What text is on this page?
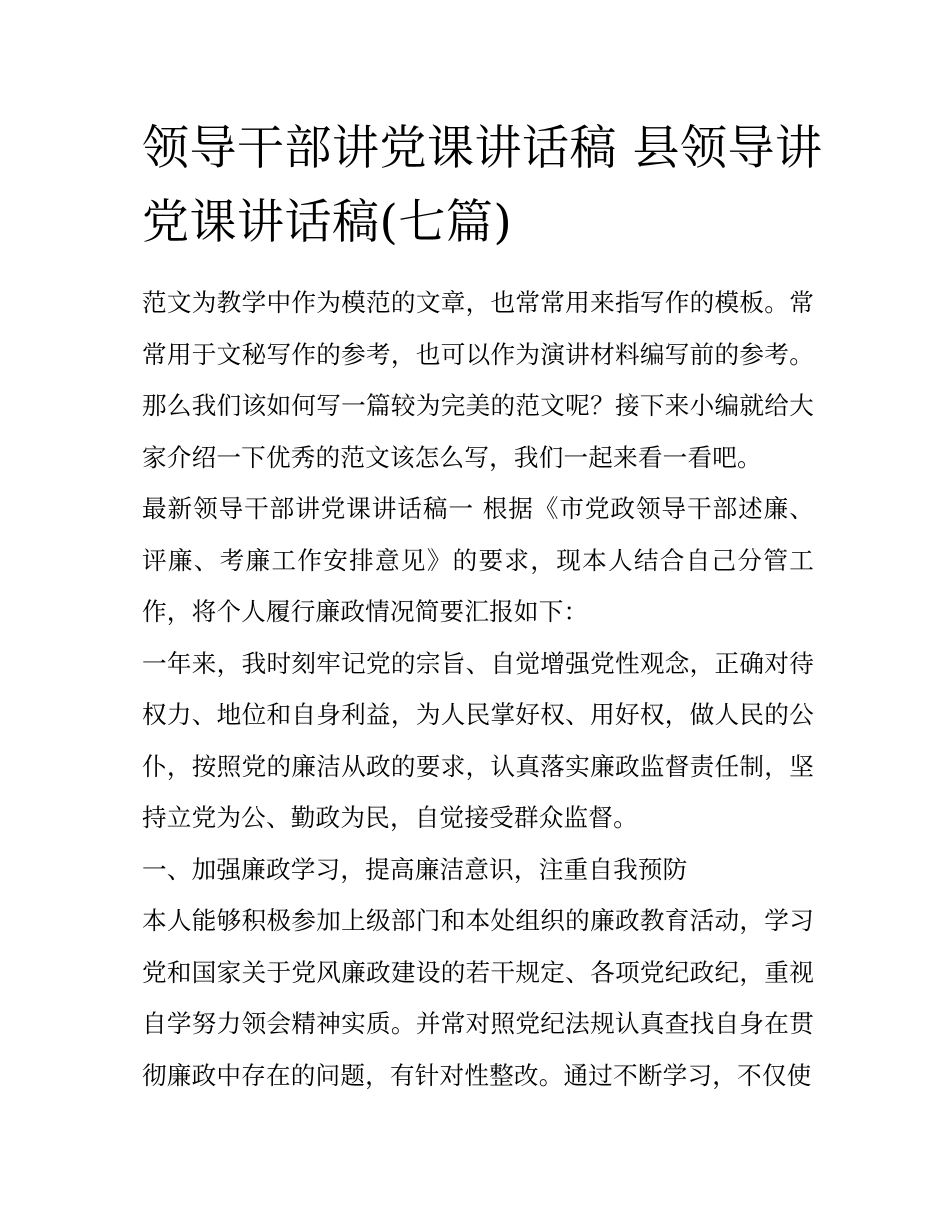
领导干部讲党课讲话稿 县领导讲党课讲话稿(七篇)

范文为教学中作为模范的文章，也常常用来指写作的模板。常常用于文秘写作的参考，也可以作为演讲材料编写前的参考。那么我们该如何写一篇较为完美的范文呢？接下来小编就给大家介绍一下优秀的范文该怎么写，我们一起来看一看吧。

最新领导干部讲党课讲话稿一 根据《市党政领导干部述廉、评廉、考廉工作安排意见》的要求，现本人结合自己分管工作，将个人履行廉政情况简要汇报如下：

一年来，我时刻牢记党的宗旨、自觉增强党性观念，正确对待权力、地位和自身利益，为人民掌好权、用好权，做人民的公仆，按照党的廉洁从政的要求，认真落实廉政监督责任制，坚持立党为公、勤政为民，自觉接受群众监督。

一、加强廉政学习，提高廉洁意识，注重自我预防

本人能够积极参加上级部门和本处组织的廉政教育活动，学习党和国家关于党风廉政建设的若干规定、各项党纪政纪，重视自学努力领会精神实质。并常对照党纪法规认真查找自身在贯彻廉政中存在的问题，有针对性整改。通过不断学习，不仅使
